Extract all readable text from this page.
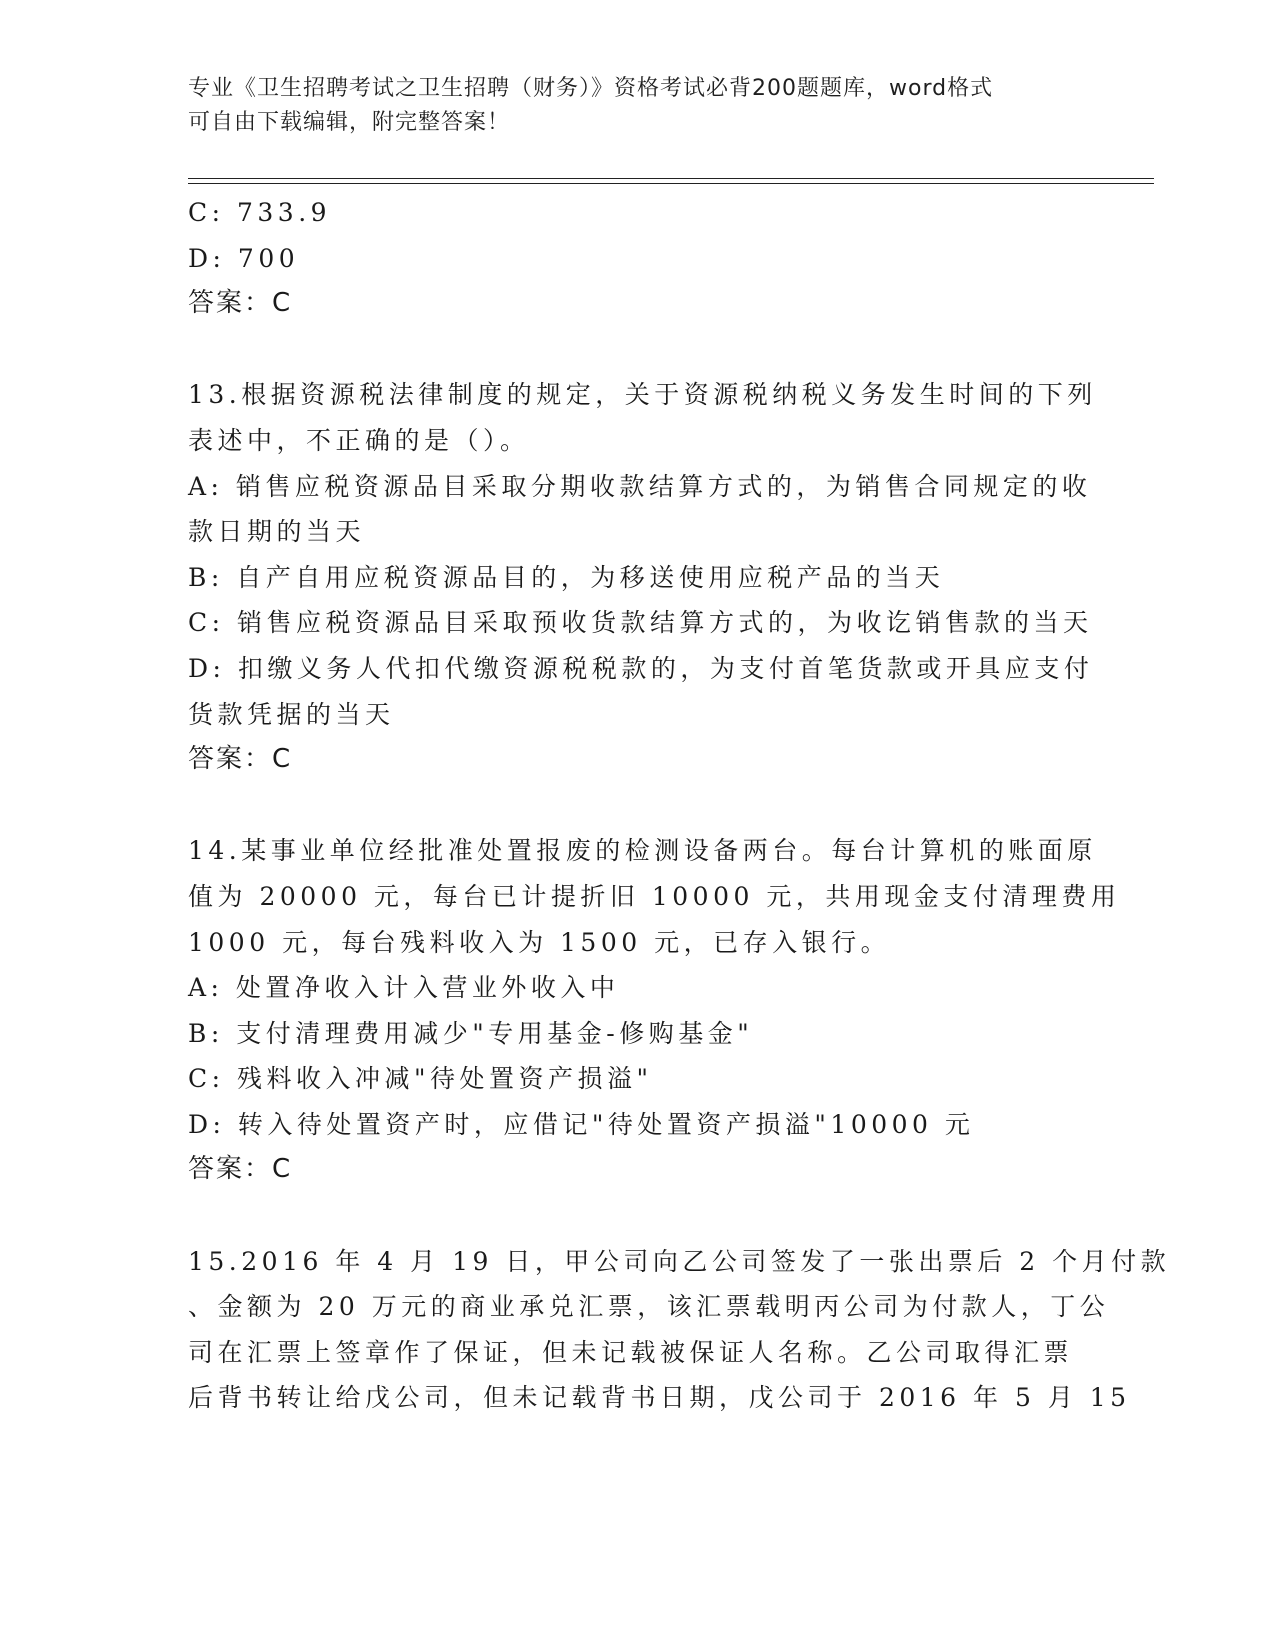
专业《卫生招聘考试之卫生招聘（财务）》资格考试必背200题题库，word格式
可自由下载编辑，附完整答案！
C: 733.9
D: 700
答案：C
13.根据资源税法律制度的规定，关于资源税纳税义务发生时间的下列
表述中，不正确的是（）。
A: 销售应税资源品目采取分期收款结算方式的，为销售合同规定的收
款日期的当天
B: 自产自用应税资源品目的，为移送使用应税产品的当天
C: 销售应税资源品目采取预收货款结算方式的，为收讫销售款的当天
D: 扣缴义务人代扣代缴资源税税款的，为支付首笔货款或开具应支付
货款凭据的当天
答案：C
14.某事业单位经批准处置报废的检测设备两台。每台计算机的账面原
值为 20000 元，每台已计提折旧 10000 元，共用现金支付清理费用
1000 元，每台残料收入为 1500 元，已存入银行。
A: 处置净收入计入营业外收入中
B: 支付清理费用减少"专用基金-修购基金"
C: 残料收入冲减"待处置资产损溢"
D: 转入待处置资产时，应借记"待处置资产损溢"10000 元
答案：C
15.2016 年 4 月 19 日，甲公司向乙公司签发了一张出票后 2 个月付款
、金额为 20 万元的商业承兑汇票，该汇票载明丙公司为付款人，丁公
司在汇票上签章作了保证，但未记载被保证人名称。乙公司取得汇票
后背书转让给戊公司，但未记载背书日期，戊公司于 2016 年 5 月 15
